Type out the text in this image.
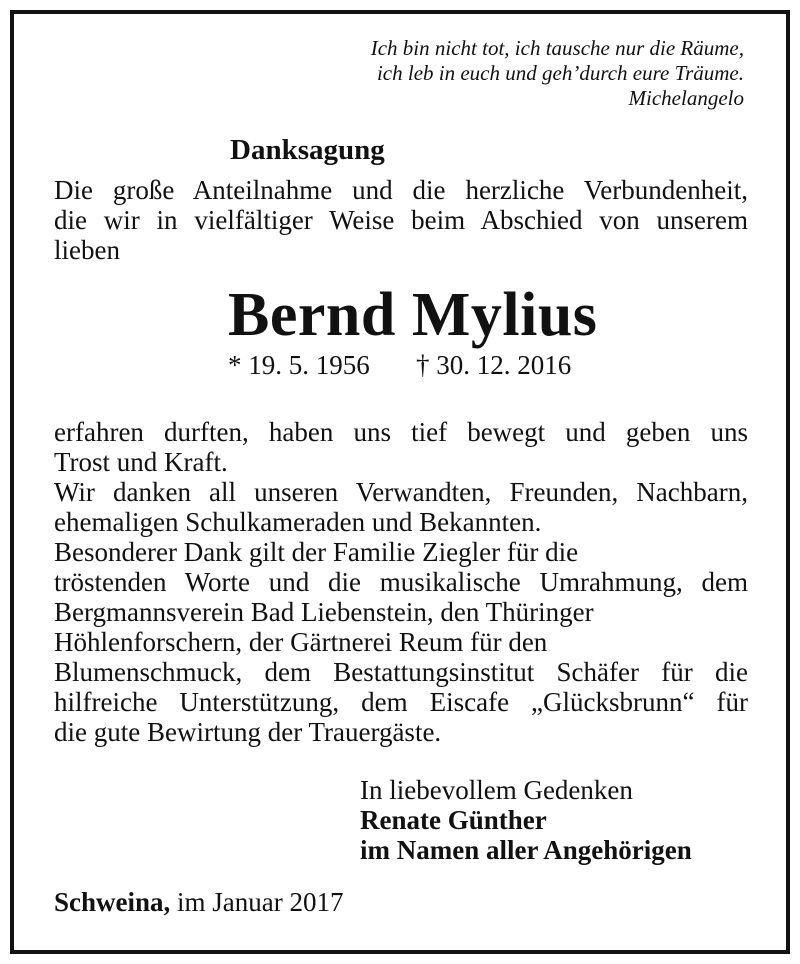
Ich bin nicht tot, ich tausche nur die Räume,
ich leb in euch und geh’durch eure Träume.
Michelangelo
Danksagung
Die große Anteilnahme und die herzliche Verbundenheit,
die wir in vielfältiger Weise beim Abschied von unserem
lieben
Bernd Mylius
* 19. 5. 1956 † 30. 12. 2016
erfahren durften, haben uns tief bewegt und geben uns
Trost und Kraft.
Wir danken all unseren Verwandten, Freunden, Nachbarn,
ehemaligen Schulkameraden und Bekannten.
Besonderer Dank gilt der Familie Ziegler für die
tröstenden Worte und die musikalische Umrahmung, dem
Bergmannsverein Bad Liebenstein, den Thüringer
Höhlenforschern, der Gärtnerei Reum für den
Blumenschmuck, dem Bestattungsinstitut Schäfer für die
hilfreiche Unterstützung, dem Eiscafe „Glücksbrunn“ für
die gute Bewirtung der Trauergäste.
In liebevollem Gedenken
Renate Günther
im Namen aller Angehörigen
Schweina, im Januar 2017
